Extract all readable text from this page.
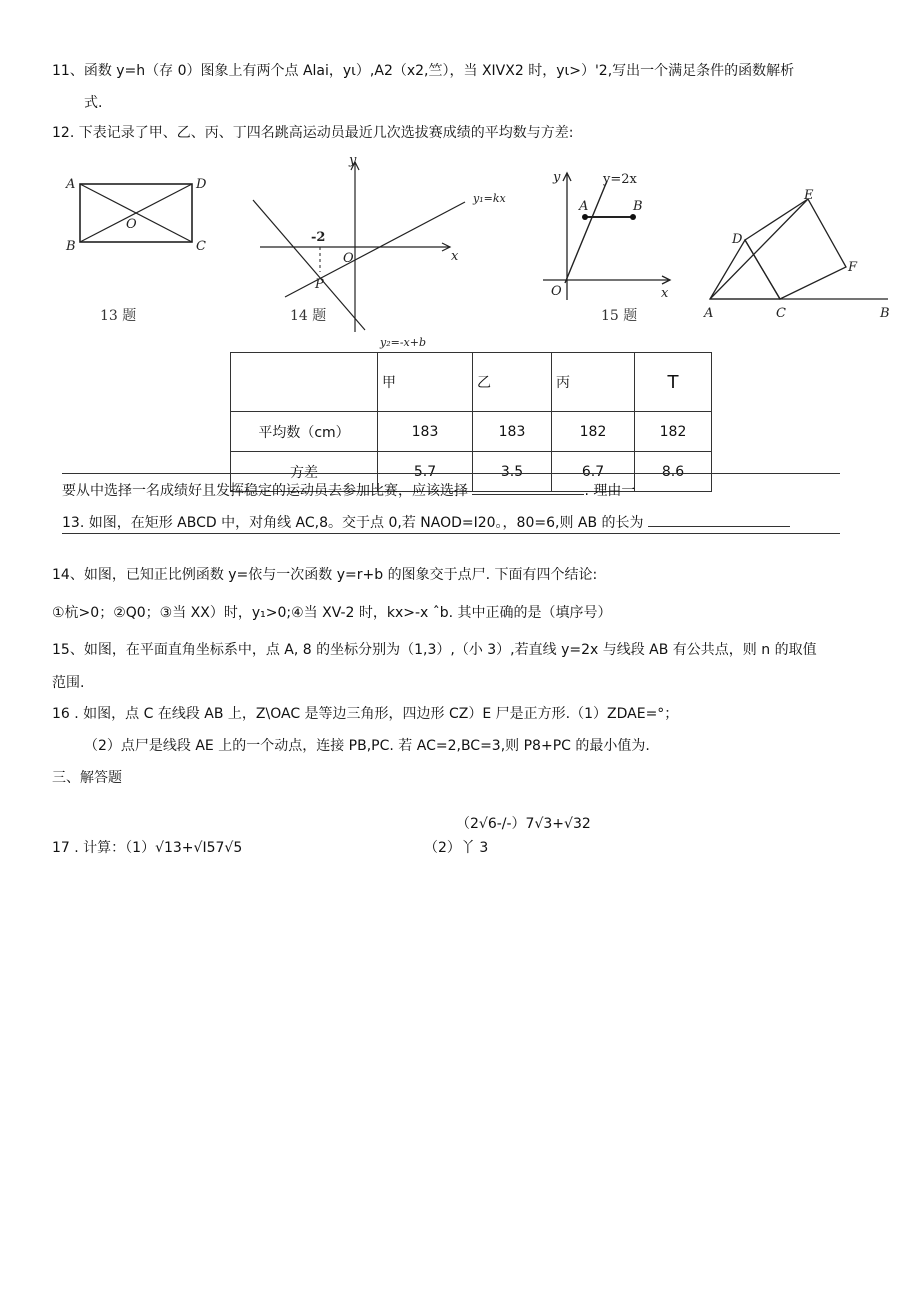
11、函数 y=h（存 0）图象上有两个点 Alai，yι）,A2（x2,竺），当 XIVX2 时，yι>）'2,写出一个满足条件的函数解析
式.
12. 下表记录了甲、乙、丙、丁四名跳高运动员最近几次选拔赛成绩的平均数与方差:
A	D
O
B	C
13 题
y
x
-2
O
P
y₁=kx
14 题
y₂=-x+b
y
x
O
A	B
y=2x
15 题	A	B
C
D
E
F
	甲	乙	丙	T
平均数（cm）	183	183	182	182
方差	5.7	3.5	6.7	8.6
要从中选择一名成绩好且发挥稳定的运动员去参加比赛，应该选择	. 理由一
13. 如图，在矩形 ABCD 中，对角线 AC,8。交于点 0,若 NAOD=I20。，80=6,则 AB 的长为
14、如图，已知正比例函数 y=依与一次函数 y=r+b 的图象交于点尸. 下面有四个结论:
①杭>0；②Q0；③当 XX）时，y₁>0;④当 XV-2 时，kx>-x ˆb. 其中正确的是（填序号）
15、如图，在平面直角坐标系中，点 A, 8 的坐标分别为（1,3）,（小 3）,若直线 y=2x 与线段 AB 有公共点，则 n 的取值
范围.
16 . 如图，点 C 在线段 AB 上，Z\OAC 是等边三角形，四边形 CZ）E 尸是正方形.（1）ZDAE=°；
（2）点尸是线段 AE 上的一个动点，连接 PB,PC. 若 AC=2,BC=3,则 P8+PC 的最小值为.
三、解答题
（2√6-/-）7√3+√32
17 . 计算：（1）√13+√I57√5	（2）丫 3
